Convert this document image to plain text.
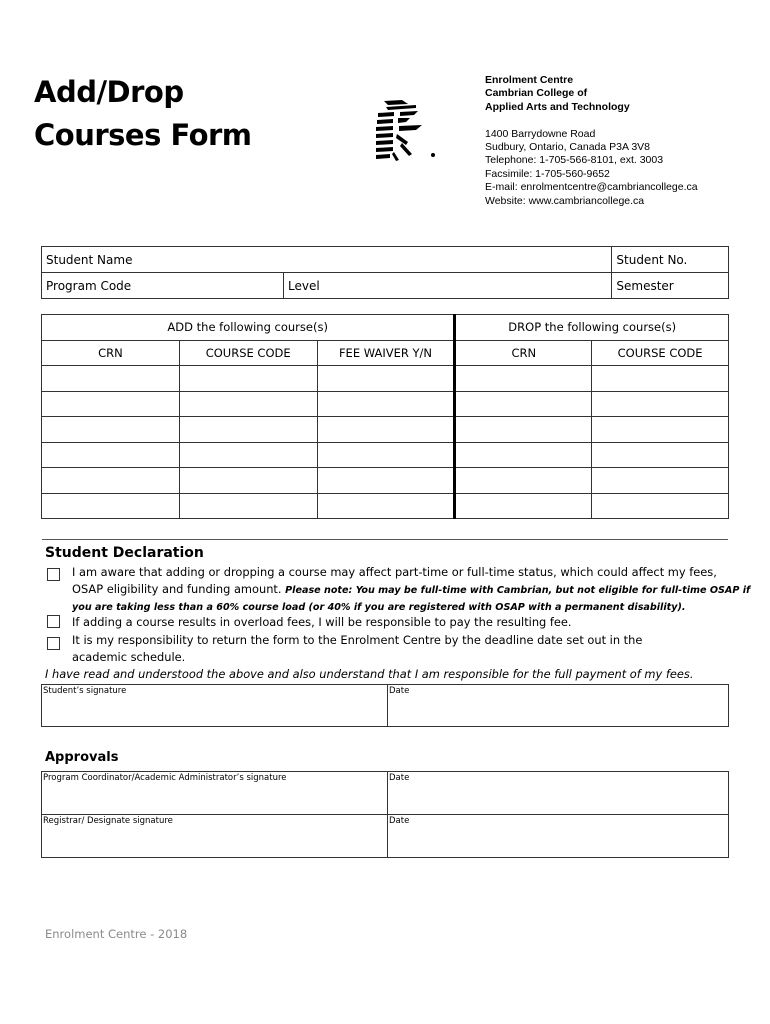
Add/Drop
Courses Form
Enrolment Centre
Cambrian College of
Applied Arts and Technology
1400 Barrydowne Road
Sudbury, Ontario, Canada P3A 3V8
Telephone: 1-705-566-8101, ext. 3003
Facsimile: 1-705-560-9652
E-mail: enrolmentcentre@cambriancollege.ca
Website: www.cambriancollege.ca
Student Name		Student No.
Program Code	Level	Semester
ADD the following course(s)			DROP the following course(s)	
CRN	COURSE CODE	FEE WAIVER Y/N	CRN	COURSE CODE

Student Declaration
I am aware that adding or dropping a course may affect part-time or full-time status, which could affect my fees,
OSAP eligibility and funding amount. Please note: You may be full-time with Cambrian, but not eligible for full-time OSAP if
you are taking less than a 60% course load (or 40% if you are registered with OSAP with a permanent disability).
If adding a course results in overload fees, I will be responsible to pay the resulting fee.
It is my responsibility to return the form to the Enrolment Centre by the deadline date set out in the
academic schedule.
I have read and understood the above and also understand that I am responsible for the full payment of my fees.
Student’s signature	Date
Approvals
Program Coordinator/Academic Administrator’s signature	Date
Registrar/ Designate signature	Date
Enrolment Centre - 2018
